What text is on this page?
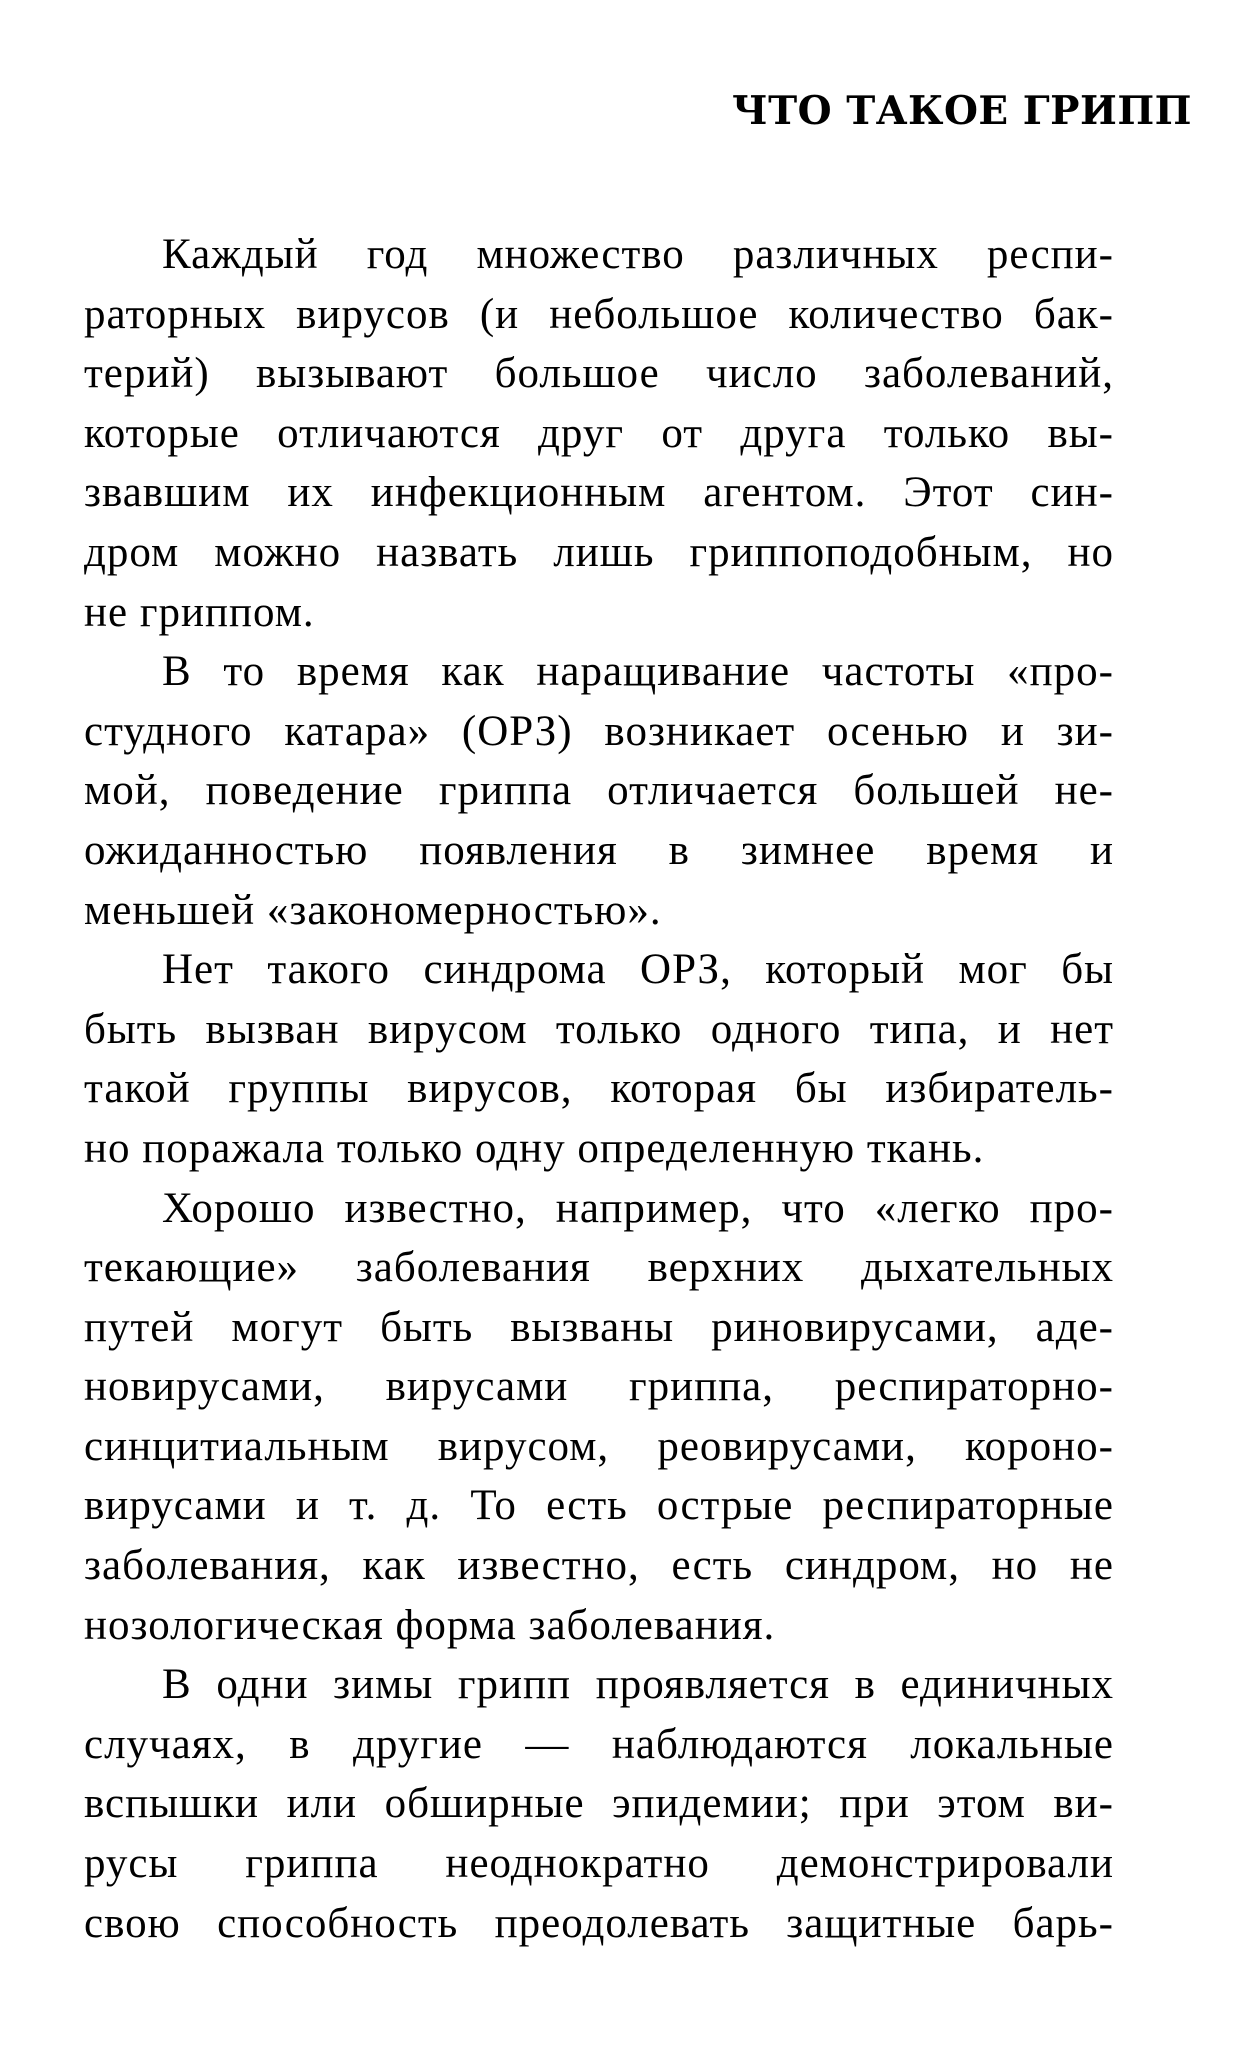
ЧТО ТАКОЕ ГРИПП

Каждый год множество различных респи-
раторных вирусов (и небольшое количество бак-
терий) вызывают большое число заболеваний,
которые отличаются друг от друга только вы-
звавшим их инфекционным агентом. Этот син-
дром можно назвать лишь гриппоподобным, но
не гриппом.

В то время как наращивание частоты «про-
студного катара» (ОРЗ) возникает осенью и зи-
мой, поведение гриппа отличается большей не-
ожиданностью появления в зимнее время и
меньшей «закономерностью».

Нет такого синдрома ОРЗ, который мог бы
быть вызван вирусом только одного типа, и нет
такой группы вирусов, которая бы избиратель-
но поражала только одну определенную ткань.

Хорошо известно, например, что «легко про-
текающие» заболевания верхних дыхательных
путей могут быть вызваны риновирусами, аде-
новирусами, вирусами гриппа, респираторно-
синцитиальным вирусом, реовирусами, короно-
вирусами и т. д. То есть острые респираторные
заболевания, как известно, есть синдром, но не
нозологическая форма заболевания.

В одни зимы грипп проявляется в единичных
случаях, в другие — наблюдаются локальные
вспышки или обширные эпидемии; при этом ви-
русы гриппа неоднократно демонстрировали
свою способность преодолевать защитные барь-
